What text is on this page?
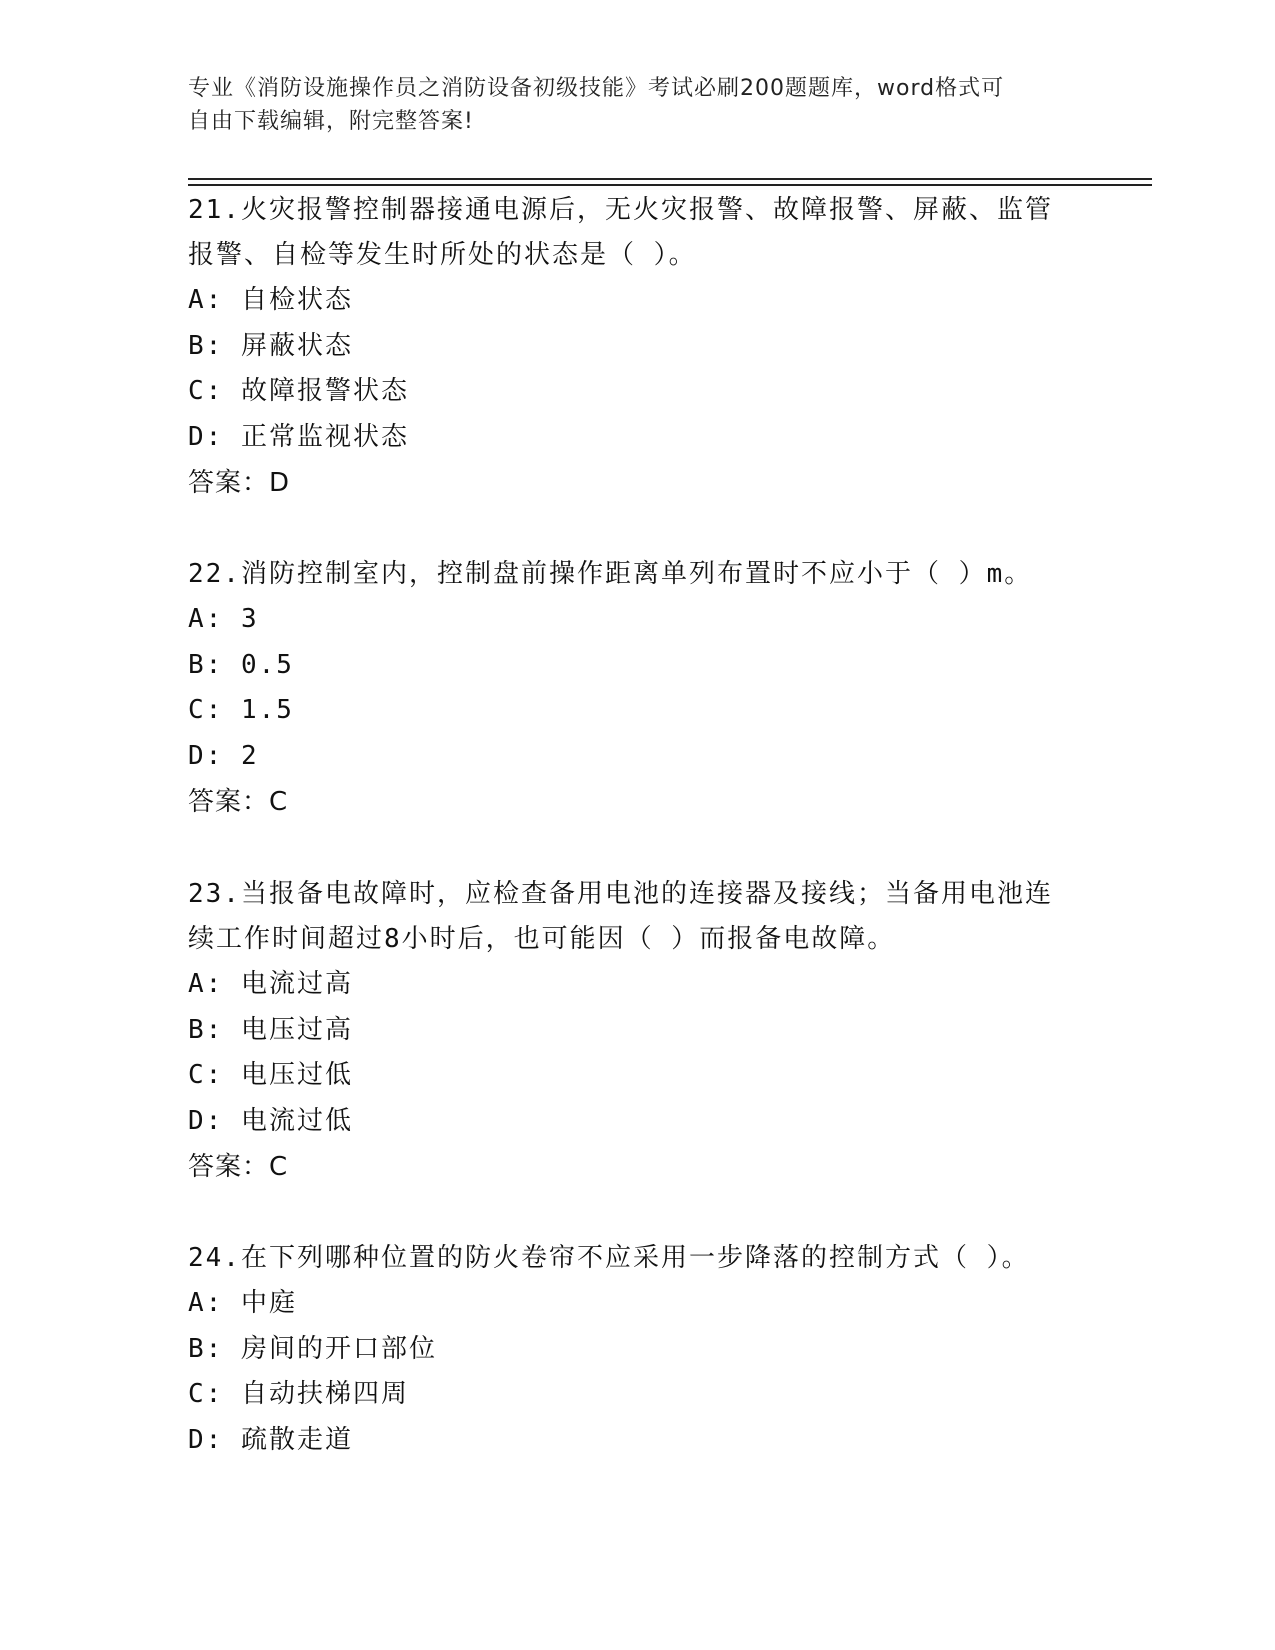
专业《消防设施操作员之消防设备初级技能》考试必刷200题题库，word格式可
自由下载编辑，附完整答案!

21.火灾报警控制器接通电源后，无火灾报警、故障报警、屏蔽、监管

报警、自检等发生时所处的状态是（ ）。

A: 自检状态

B: 屏蔽状态

C: 故障报警状态

D: 正常监视状态

答案：D

22.消防控制室内，控制盘前操作距离单列布置时不应小于（ ）m。

A: 3

B: 0.5

C: 1.5

D: 2

答案：C

23.当报备电故障时，应检查备用电池的连接器及接线；当备用电池连

续工作时间超过8小时后，也可能因（ ）而报备电故障。

A: 电流过高

B: 电压过高

C: 电压过低

D: 电流过低

答案：C

24.在下列哪种位置的防火卷帘不应采用一步降落的控制方式（ ）。

A: 中庭

B: 房间的开口部位

C: 自动扶梯四周

D: 疏散走道
